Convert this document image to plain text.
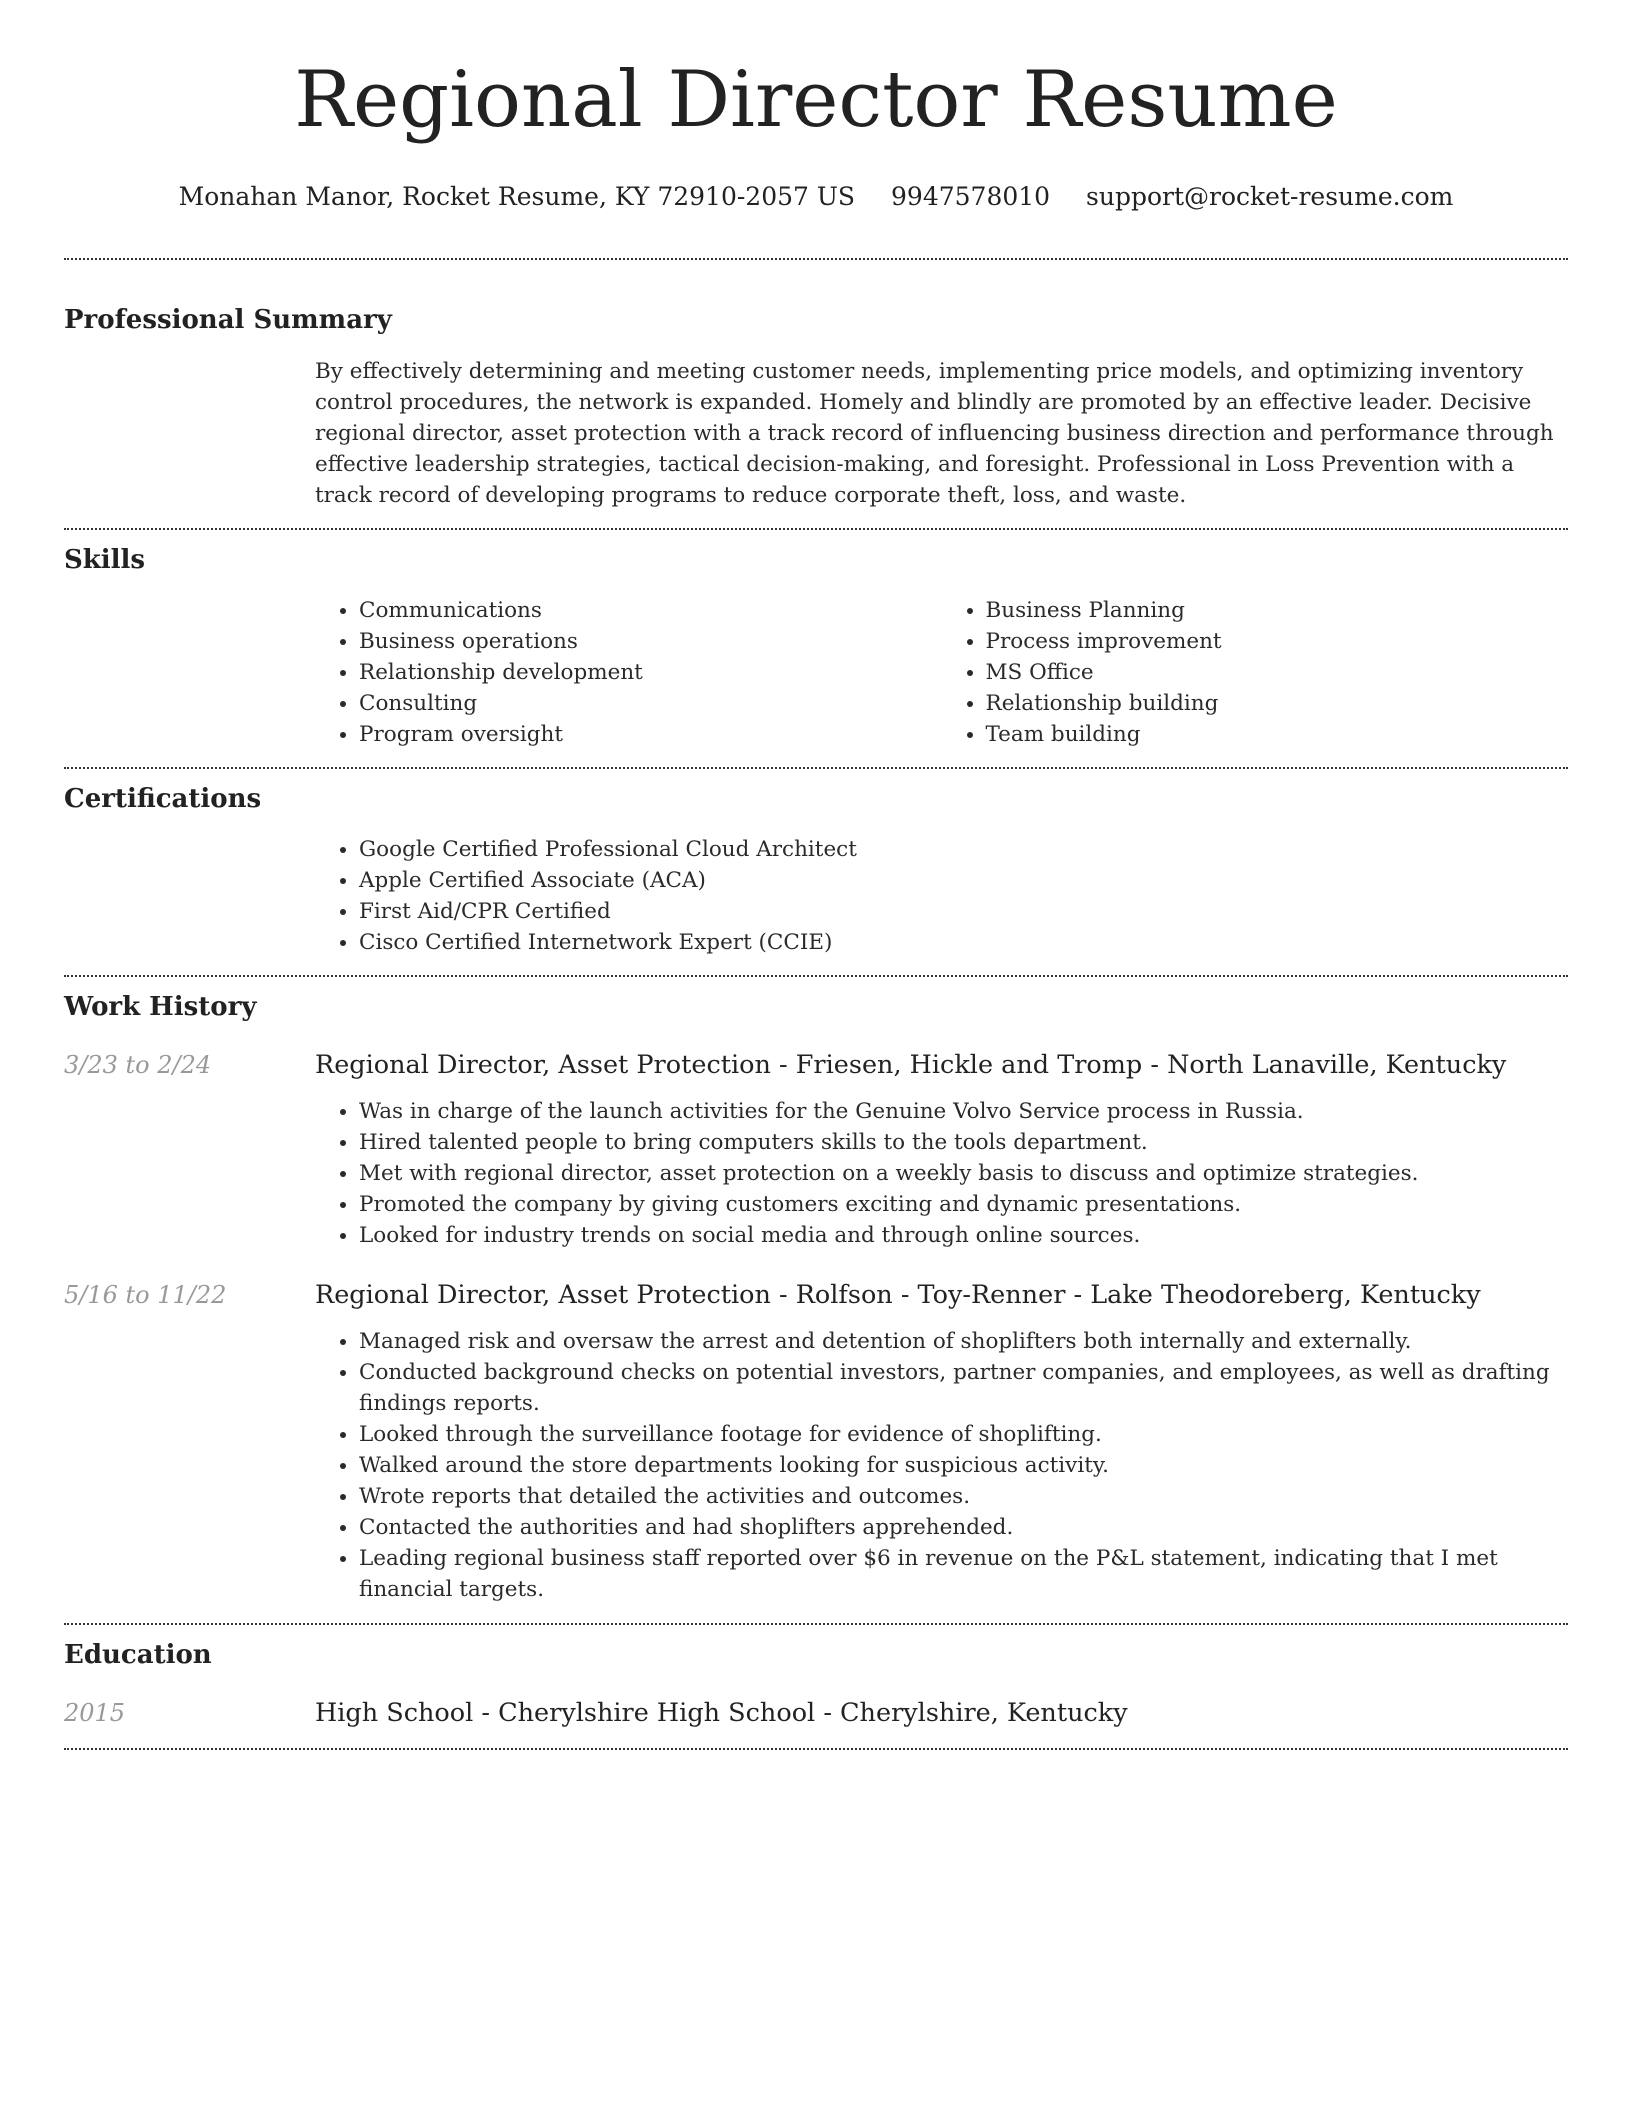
Regional Director Resume
Monahan Manor, Rocket Resume, KY 72910-2057 US 9947578010 support@rocket-resume.com
Professional Summary
By effectively determining and meeting customer needs, implementing price models, and optimizing inventory control procedures, the network is expanded. Homely and blindly are promoted by an effective leader. Decisive regional director, asset protection with a track record of influencing business direction and performance through effective leadership strategies, tactical decision-making, and foresight. Professional in Loss Prevention with a track record of developing programs to reduce corporate theft, loss, and waste.
Skills
• Communications
• Business operations
• Relationship development
• Consulting
• Program oversight
• Business Planning
• Process improvement
• MS Office
• Relationship building
• Team building
Certifications
• Google Certified Professional Cloud Architect
• Apple Certified Associate (ACA)
• First Aid/CPR Certified
• Cisco Certified Internetwork Expert (CCIE)
Work History
3/23 to 2/24	Regional Director, Asset Protection - Friesen, Hickle and Tromp - North Lanaville, Kentucky
• Was in charge of the launch activities for the Genuine Volvo Service process in Russia.
• Hired talented people to bring computers skills to the tools department.
• Met with regional director, asset protection on a weekly basis to discuss and optimize strategies.
• Promoted the company by giving customers exciting and dynamic presentations.
• Looked for industry trends on social media and through online sources.
5/16 to 11/22	Regional Director, Asset Protection - Rolfson - Toy-Renner - Lake Theodoreberg, Kentucky
• Managed risk and oversaw the arrest and detention of shoplifters both internally and externally.
• Conducted background checks on potential investors, partner companies, and employees, as well as drafting findings reports.
• Looked through the surveillance footage for evidence of shoplifting.
• Walked around the store departments looking for suspicious activity.
• Wrote reports that detailed the activities and outcomes.
• Contacted the authorities and had shoplifters apprehended.
• Leading regional business staff reported over $6 in revenue on the P&L statement, indicating that I met financial targets.
Education
2015	High School - Cherylshire High School - Cherylshire, Kentucky
